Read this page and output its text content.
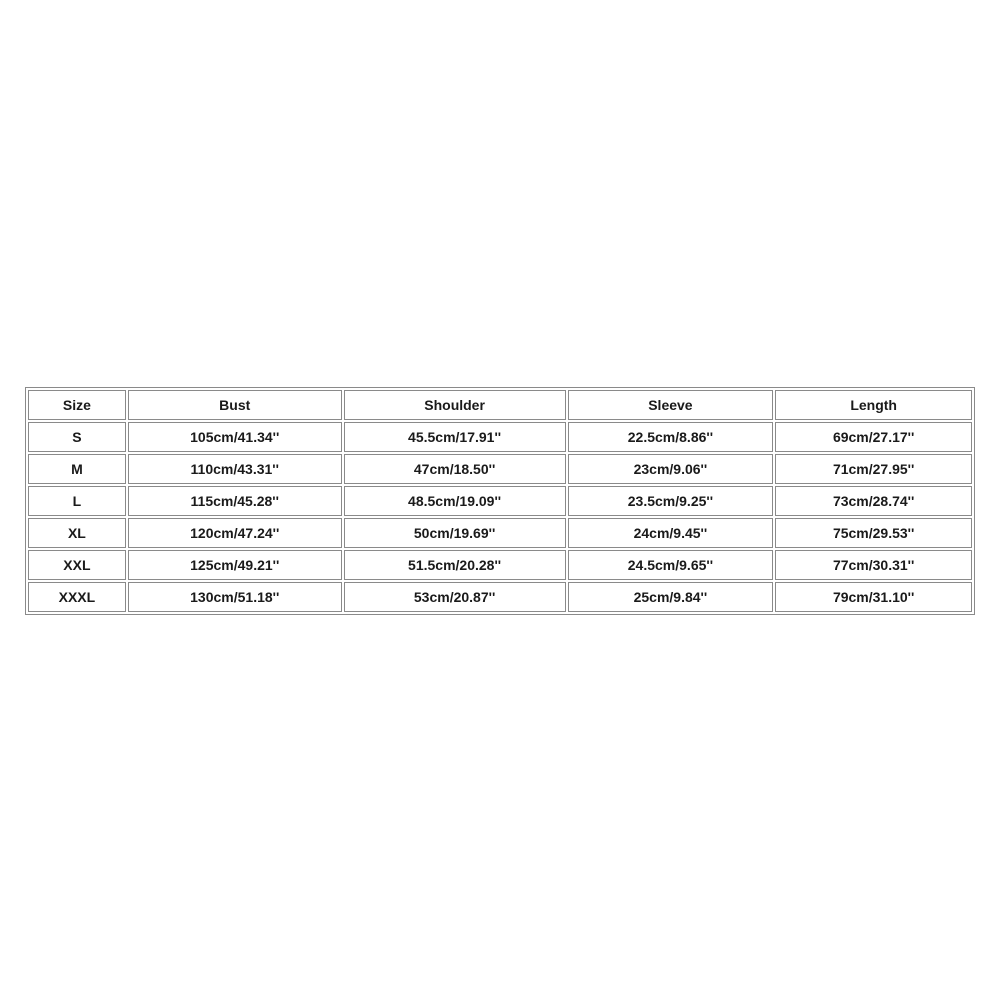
Size	Bust	Shoulder	Sleeve	Length
S	105cm/41.34''	45.5cm/17.91''	22.5cm/8.86''	69cm/27.17''
M	110cm/43.31''	47cm/18.50''	23cm/9.06''	71cm/27.95''
L	115cm/45.28''	48.5cm/19.09''	23.5cm/9.25''	73cm/28.74''
XL	120cm/47.24''	50cm/19.69''	24cm/9.45''	75cm/29.53''
XXL	125cm/49.21''	51.5cm/20.28''	24.5cm/9.65''	77cm/30.31''
XXXL	130cm/51.18''	53cm/20.87''	25cm/9.84''	79cm/31.10''
